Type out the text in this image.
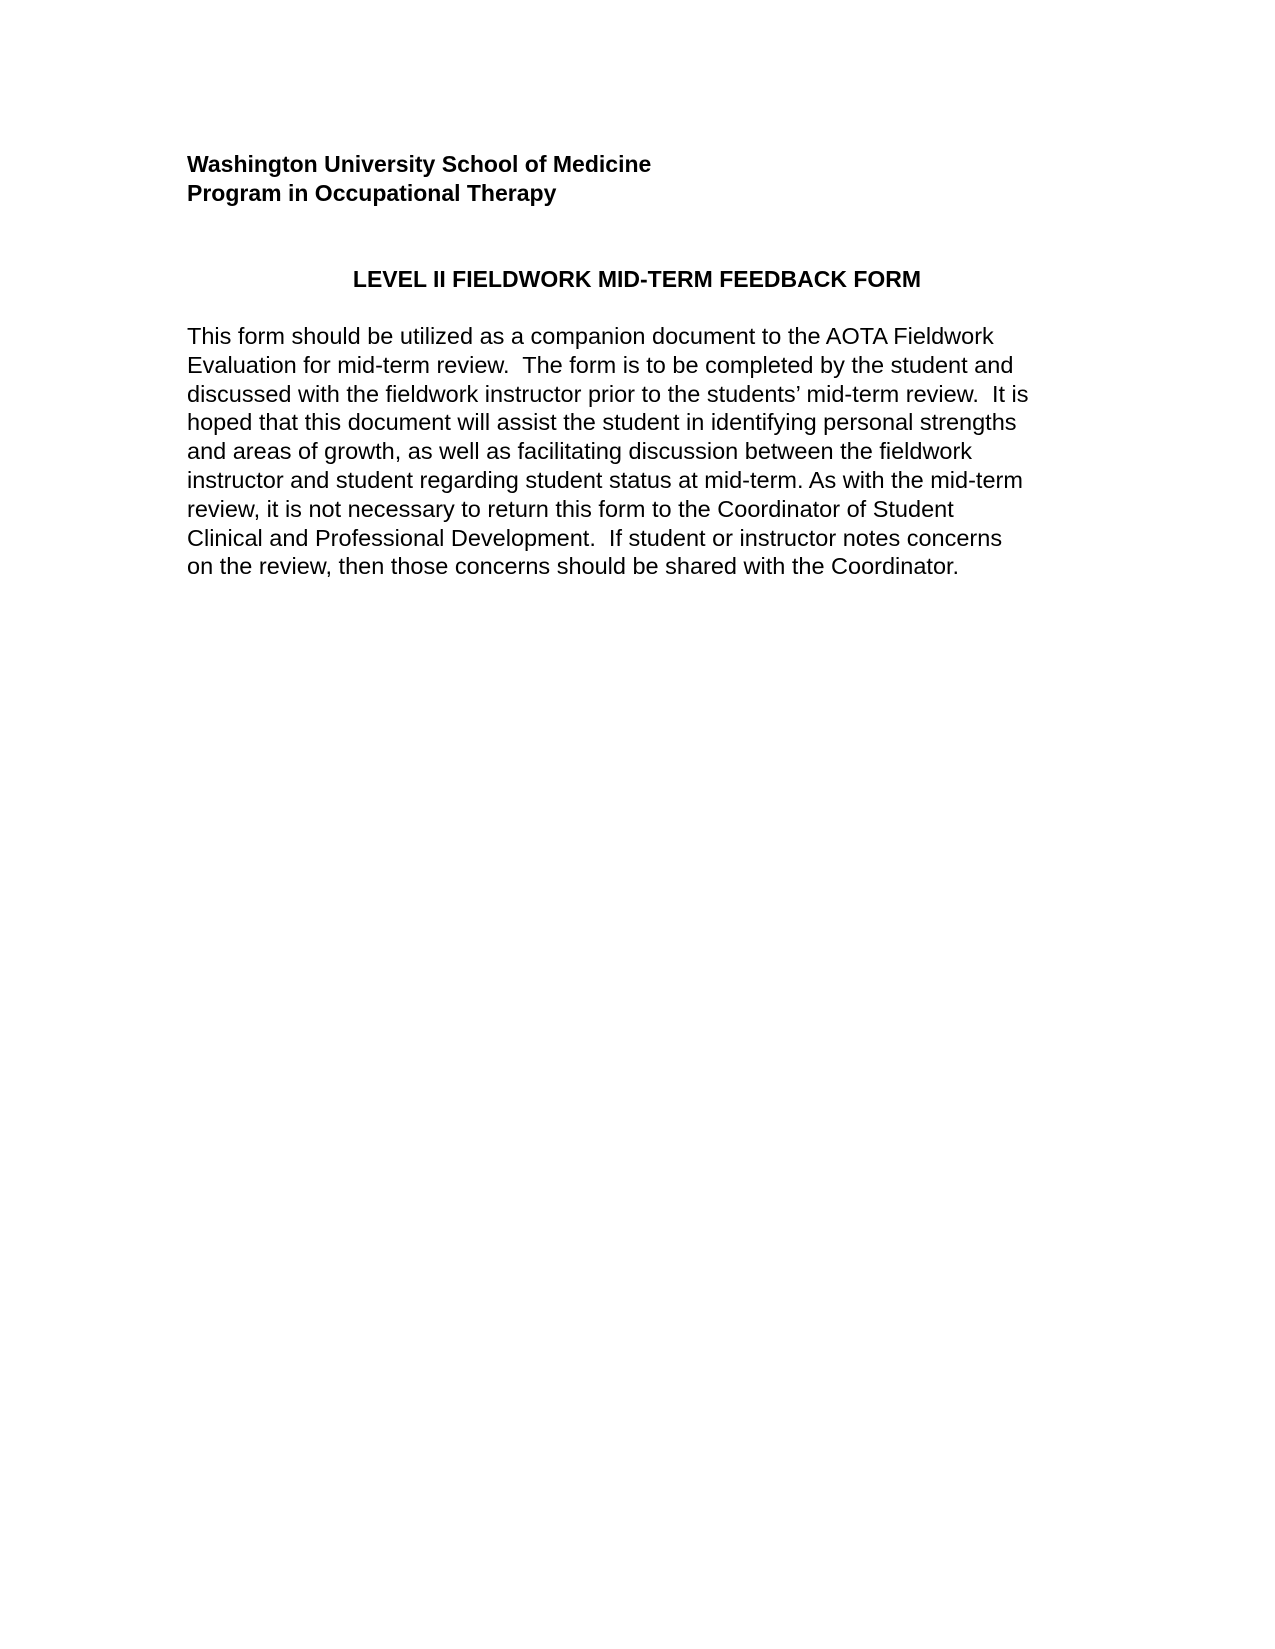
Washington University School of Medicine
Program in Occupational Therapy
LEVEL II FIELDWORK MID-TERM FEEDBACK FORM
This form should be utilized as a companion document to the AOTA Fieldwork
Evaluation for mid-term review.  The form is to be completed by the student and
discussed with the fieldwork instructor prior to the students’ mid-term review.  It is
hoped that this document will assist the student in identifying personal strengths
and areas of growth, as well as facilitating discussion between the fieldwork
instructor and student regarding student status at mid-term. As with the mid-term
review, it is not necessary to return this form to the Coordinator of Student
Clinical and Professional Development.  If student or instructor notes concerns
on the review, then those concerns should be shared with the Coordinator.
